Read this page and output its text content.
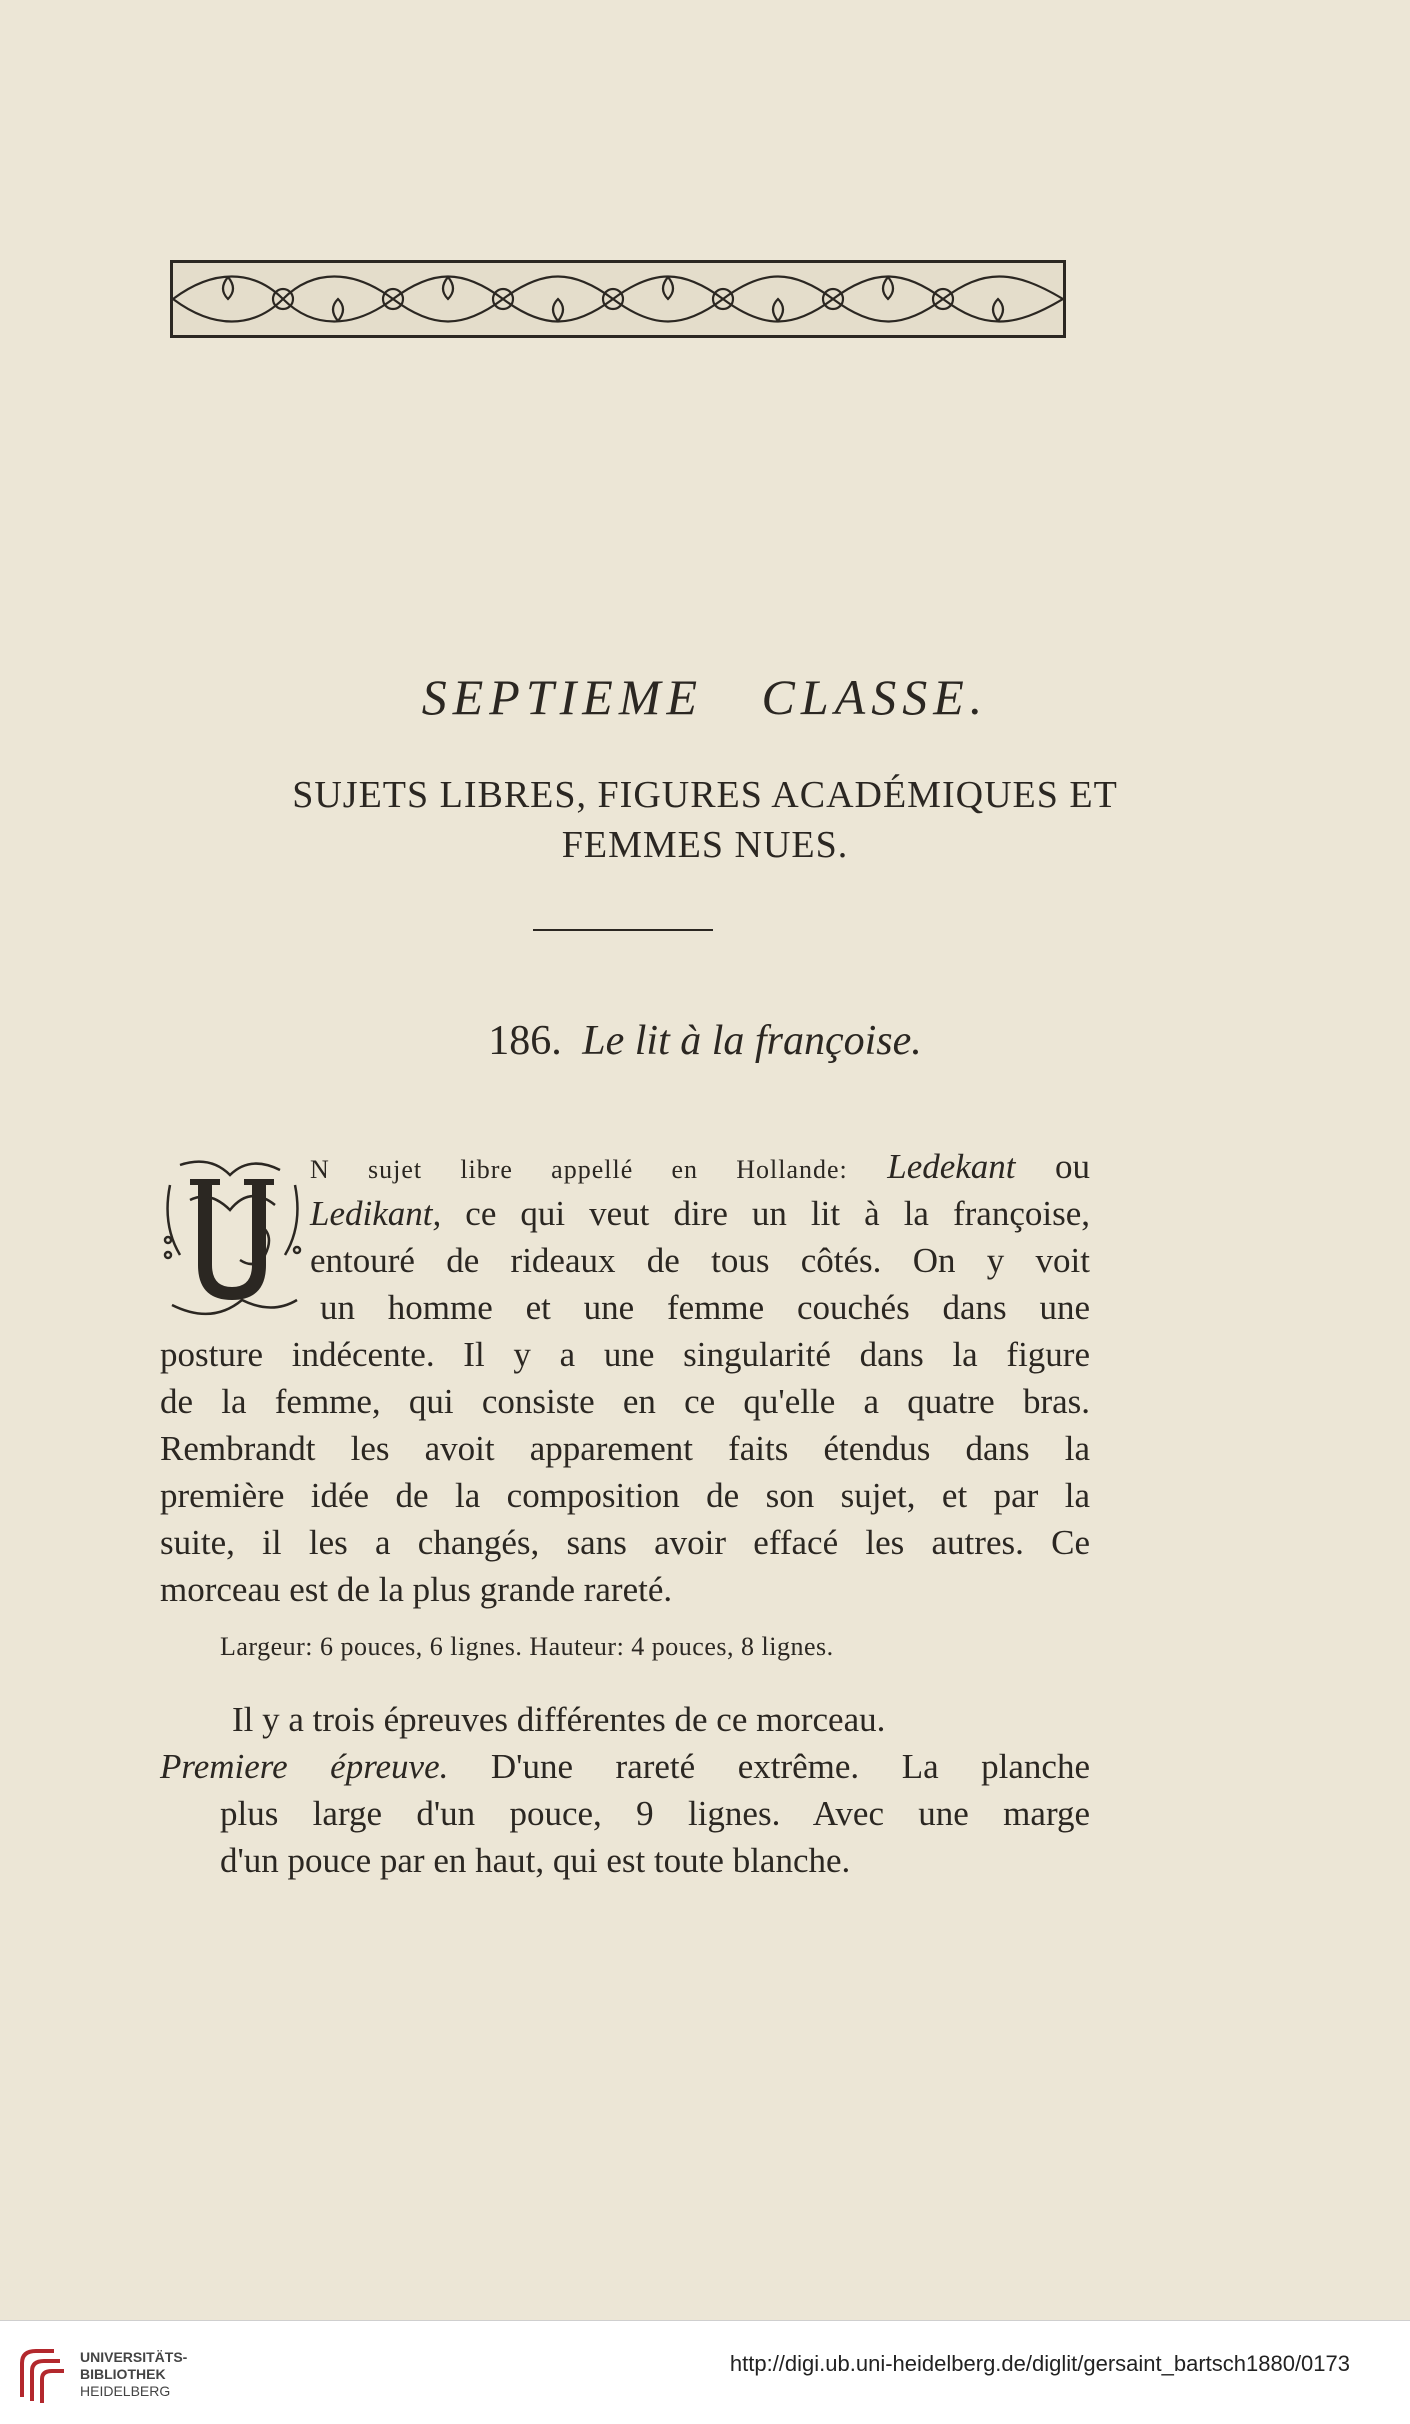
SEPTIEME CLASSE.
SUJETS LIBRES, FIGURES ACADÉMIQUES ET
FEMMES NUES.
186. Le lit à la françoise.
N sujet libre appellé en Hollande: Ledekant ou
Ledikant, ce qui veut dire un lit à la françoise,
entouré de rideaux de tous côtés. On y voit
un homme et une femme couchés dans une
posture indécente. Il y a une singularité dans la figure
de la femme, qui consiste en ce qu'elle a quatre bras.
Rembrandt les avoit apparement faits étendus dans la
première idée de la composition de son sujet, et par la
suite, il les a changés, sans avoir effacé les autres. Ce
morceau est de la plus grande rareté.
Largeur: 6 pouces, 6 lignes. Hauteur: 4 pouces, 8 lignes.
Il y a trois épreuves différentes de ce morceau.
Premiere épreuve. D'une rareté extrême. La planche
plus large d'un pouce, 9 lignes. Avec une marge
d'un pouce par en haut, qui est toute blanche.
UNIVERSITÄTS-
BIBLIOTHEK
HEIDELBERG
http://digi.ub.uni-heidelberg.de/diglit/gersaint_bartsch1880/0173
